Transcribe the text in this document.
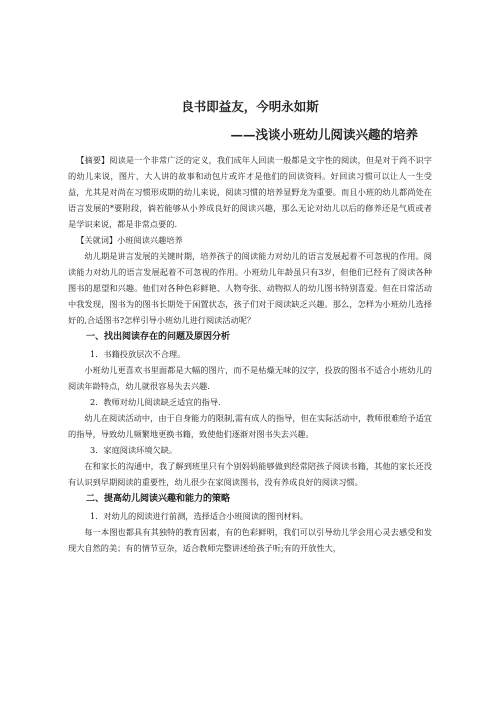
良书即益友，今明永如斯
——浅谈小班幼儿阅读兴趣的培养

【摘要】阅读是一个非常广泛的定义，我们成年人回读一般都是文字性的阅读，但是对于尚不识字的幼儿来说，图片、大人讲的故事和动包片或许才是他们的回读资料。好回读习惯可以让人一生受益，尤其是对尚在习惯形成期的幼儿来说，阅读习惯的培养显野龙为重要。而且小班的幼儿都尚处在语言发展的*要附段，倘若能够从小养成良好的阅读兴趣，那么无论对幼儿以后的修养还是气质或者是学识来说，都是非常点要的.

【关就词】小班阅读兴趣培养

幼儿期是讲言发展的关键时期，培养孩子的阅读能力对幼儿的语言发展起着不可忽视的作用。阅读能力对幼儿的语言发展起着不可忽视的作用。小班幼儿年龄虽只有3岁，但他们已经有了阅读各种图书的愿望和兴趣。他们对各种色彩鲜艳、人物夸张、动物拟人的幼儿图书特别喜爱。但在日常活动中我发现，图书为的图书长期处于闲置状态，孩子们对于阅读缺乏兴趣。那么，怎样为小班幼儿选择好的,合适图书?怎样引导小班幼儿进行阅读活动呢？

一、找出阅读存在的问题及原因分析
1．书籍投放层次不合理。

小班幼儿更喜欢书里面都是大幅的图片，而不是枯燥无味的汉字，投放的图书不适合小班幼儿的阅读年龄特点，幼儿就很容易失去兴趣.

2．教师对幼儿阅读缺乏适宜的指导.

幼儿在阅读活动中，由于自身能力的限制,需有成人的指导，但在实际活动中，教师很难给予适宜的指导，导致幼儿频繁地更换书籍，致使他们逐渐对图书失去兴趣。

3．家庭阅读环境欠缺。

在和家长的沟通中，我了解到班里只有个别妈妈能够做到经常陪孩子阅读书籍，其他的家长还没有认识到早期阅读的重要性，幼儿很少在家阅读图书，没有养成良好的阅读习惯。

二、提高幼儿阅读兴趣和能力的策略
1．对幼儿的阅读进行前测，选择适合小班阅读的图刊材料。

每一本图也都具有其独特的教育因素，有的色彩鲜明，我们可以引导幼儿学会用心灵去感受和发现大自然的美；有的情节豆杂，适合教师完整讲述给孩子听;有的开放性大，
